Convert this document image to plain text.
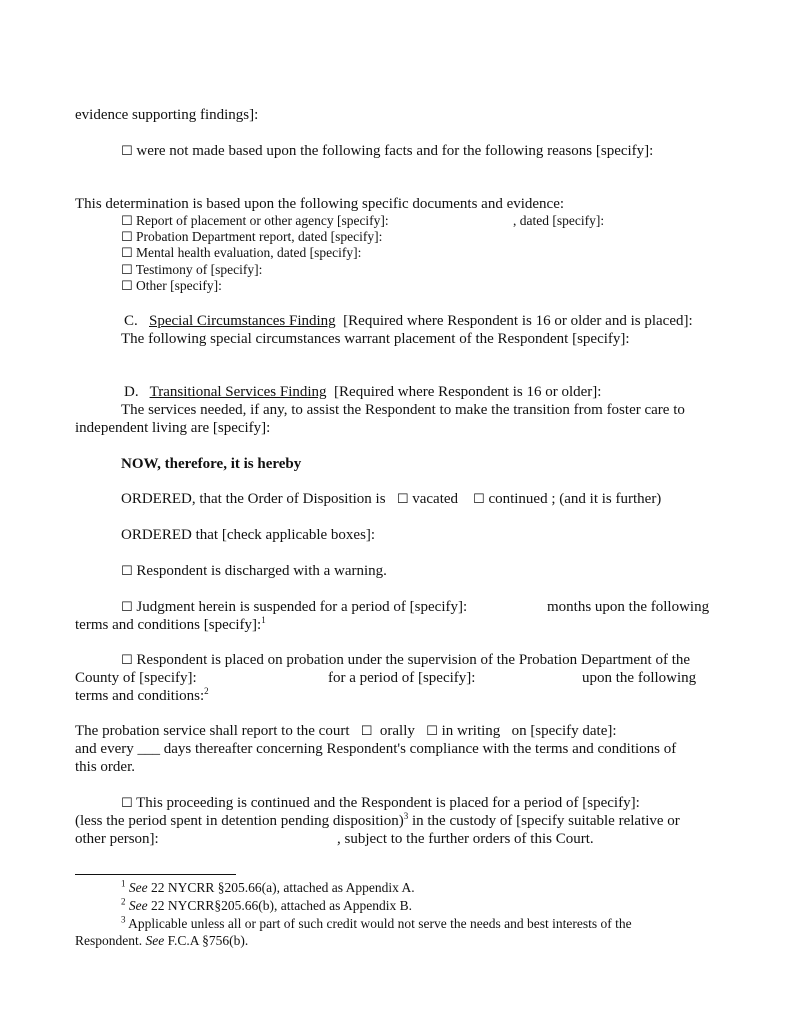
evidence supporting findings]:
☐ were not made based upon the following facts and for the following reasons [specify]:
This determination is based upon the following specific documents and evidence:
☐ Report of placement or other agency [specify]:	, dated [specify]:
☐ Probation Department report, dated [specify]:
☐ Mental health evaluation, dated [specify]:
☐ Testimony of [specify]:
☐ Other [specify]:
C. Special Circumstances Finding [Required where Respondent is 16 or older and is placed]:
The following special circumstances warrant placement of the Respondent [specify]:
D. Transitional Services Finding [Required where Respondent is 16 or older]:
The services needed, if any, to assist the Respondent to make the transition from foster care to
independent living are [specify]:
NOW, therefore, it is hereby
ORDERED, that the Order of Disposition is ☐ vacated ☐ continued ; (and it is further)
ORDERED that [check applicable boxes]:
☐ Respondent is discharged with a warning.
☐ Judgment herein is suspended for a period of [specify]:	months upon the following
terms and conditions [specify]:$^1$
☐ Respondent is placed on probation under the supervision of the Probation Department of the
County of [specify]:	for a period of [specify]:	upon the following
terms and conditions:$^2$
The probation service shall report to the court ☐ orally ☐ in writing on [specify date]:
and every ___ days thereafter concerning Respondent's compliance with the terms and conditions of
this order.
☐ This proceeding is continued and the Respondent is placed for a period of [specify]:
(less the period spent in detention pending disposition)$^3$ in the custody of [specify suitable relative or
other person]:	, subject to the further orders of this Court.
$^1$ See 22 NYCRR §205.66(a), attached as Appendix A.
$^2$ See 22 NYCRR§205.66(b), attached as Appendix B.
$^3$ Applicable unless all or part of such credit would not serve the needs and best interests of the
Respondent. See F.C.A §756(b).
